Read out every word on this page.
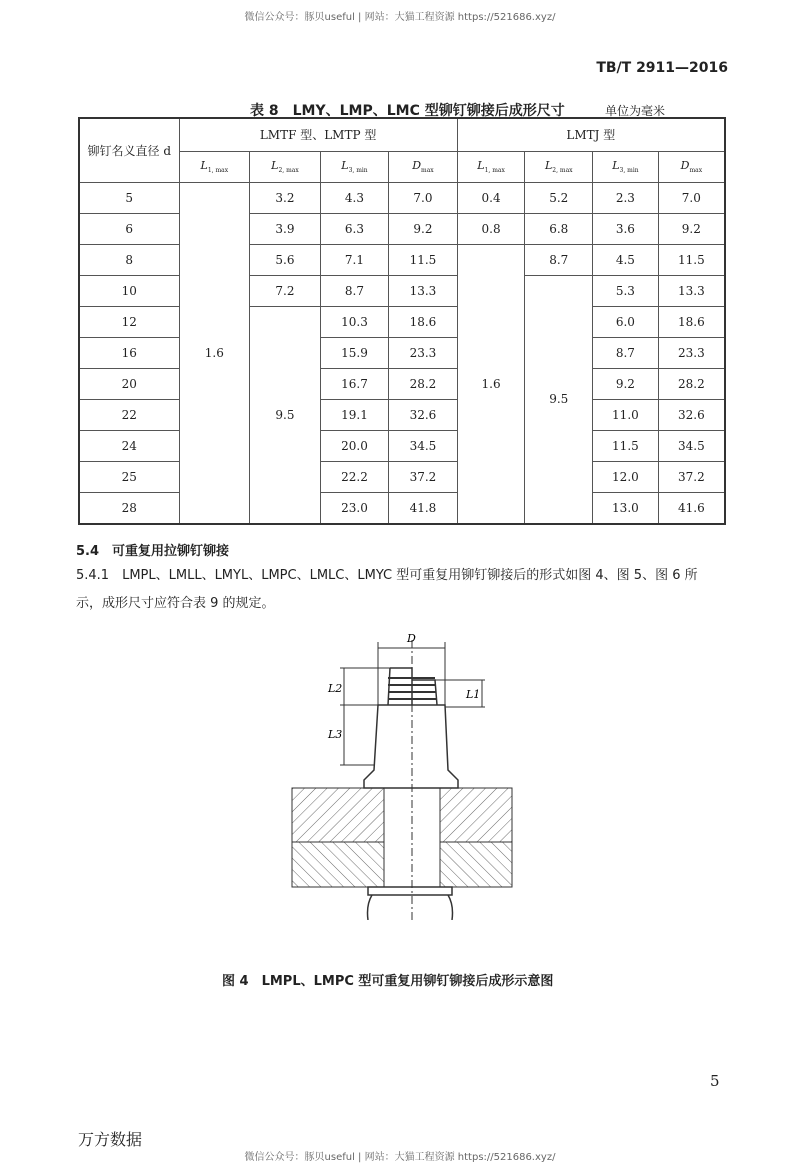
微信公众号：豚贝useful | 网站：大猫工程资源 https://521686.xyz/
TB/T 2911—2016
表 8　LMY、LMP、LMC 型铆钉铆接后成形尺寸	单位为毫米
铆钉名义直径 d	LMTF 型、LMTP 型				LMTJ 型			
	$L_{1, max}$	$L_{2, max}$	$L_{3, min}$	$D_{max}$	$L_{1, max}$	$L_{2, max}$	$L_{3, min}$	$D_{max}$
5	1.6	3.2	4.3	7.0	0.4	5.2	2.3	7.0
6		3.9	6.3	9.2	0.8	6.8	3.6	9.2
8		5.6	7.1	11.5	1.6	8.7	4.5	11.5
10		7.2	8.7	13.3		9.5	5.3	13.3
12		9.5	10.3	18.6			6.0	18.6
16			15.9	23.3			8.7	23.3
20			16.7	28.2			9.2	28.2
22			19.1	32.6			11.0	32.6
24			20.0	34.5			11.5	34.5
25			22.2	37.2			12.0	37.2
28			23.0	41.8			13.0	41.6
5.4　可重复用拉铆钉铆接
5.4.1　LMPL、LMLL、LMYL、LMPC、LMLC、LMYC 型可重复用铆钉铆接后的形式如图 4、图 5、图 6 所
示，成形尺寸应符合表 9 的规定。
D
L2
L3
L1
图 4　LMPL、LMPC 型可重复用铆钉铆接后成形示意图
5
万方数据
微信公众号：豚贝useful | 网站：大猫工程资源 https://521686.xyz/
